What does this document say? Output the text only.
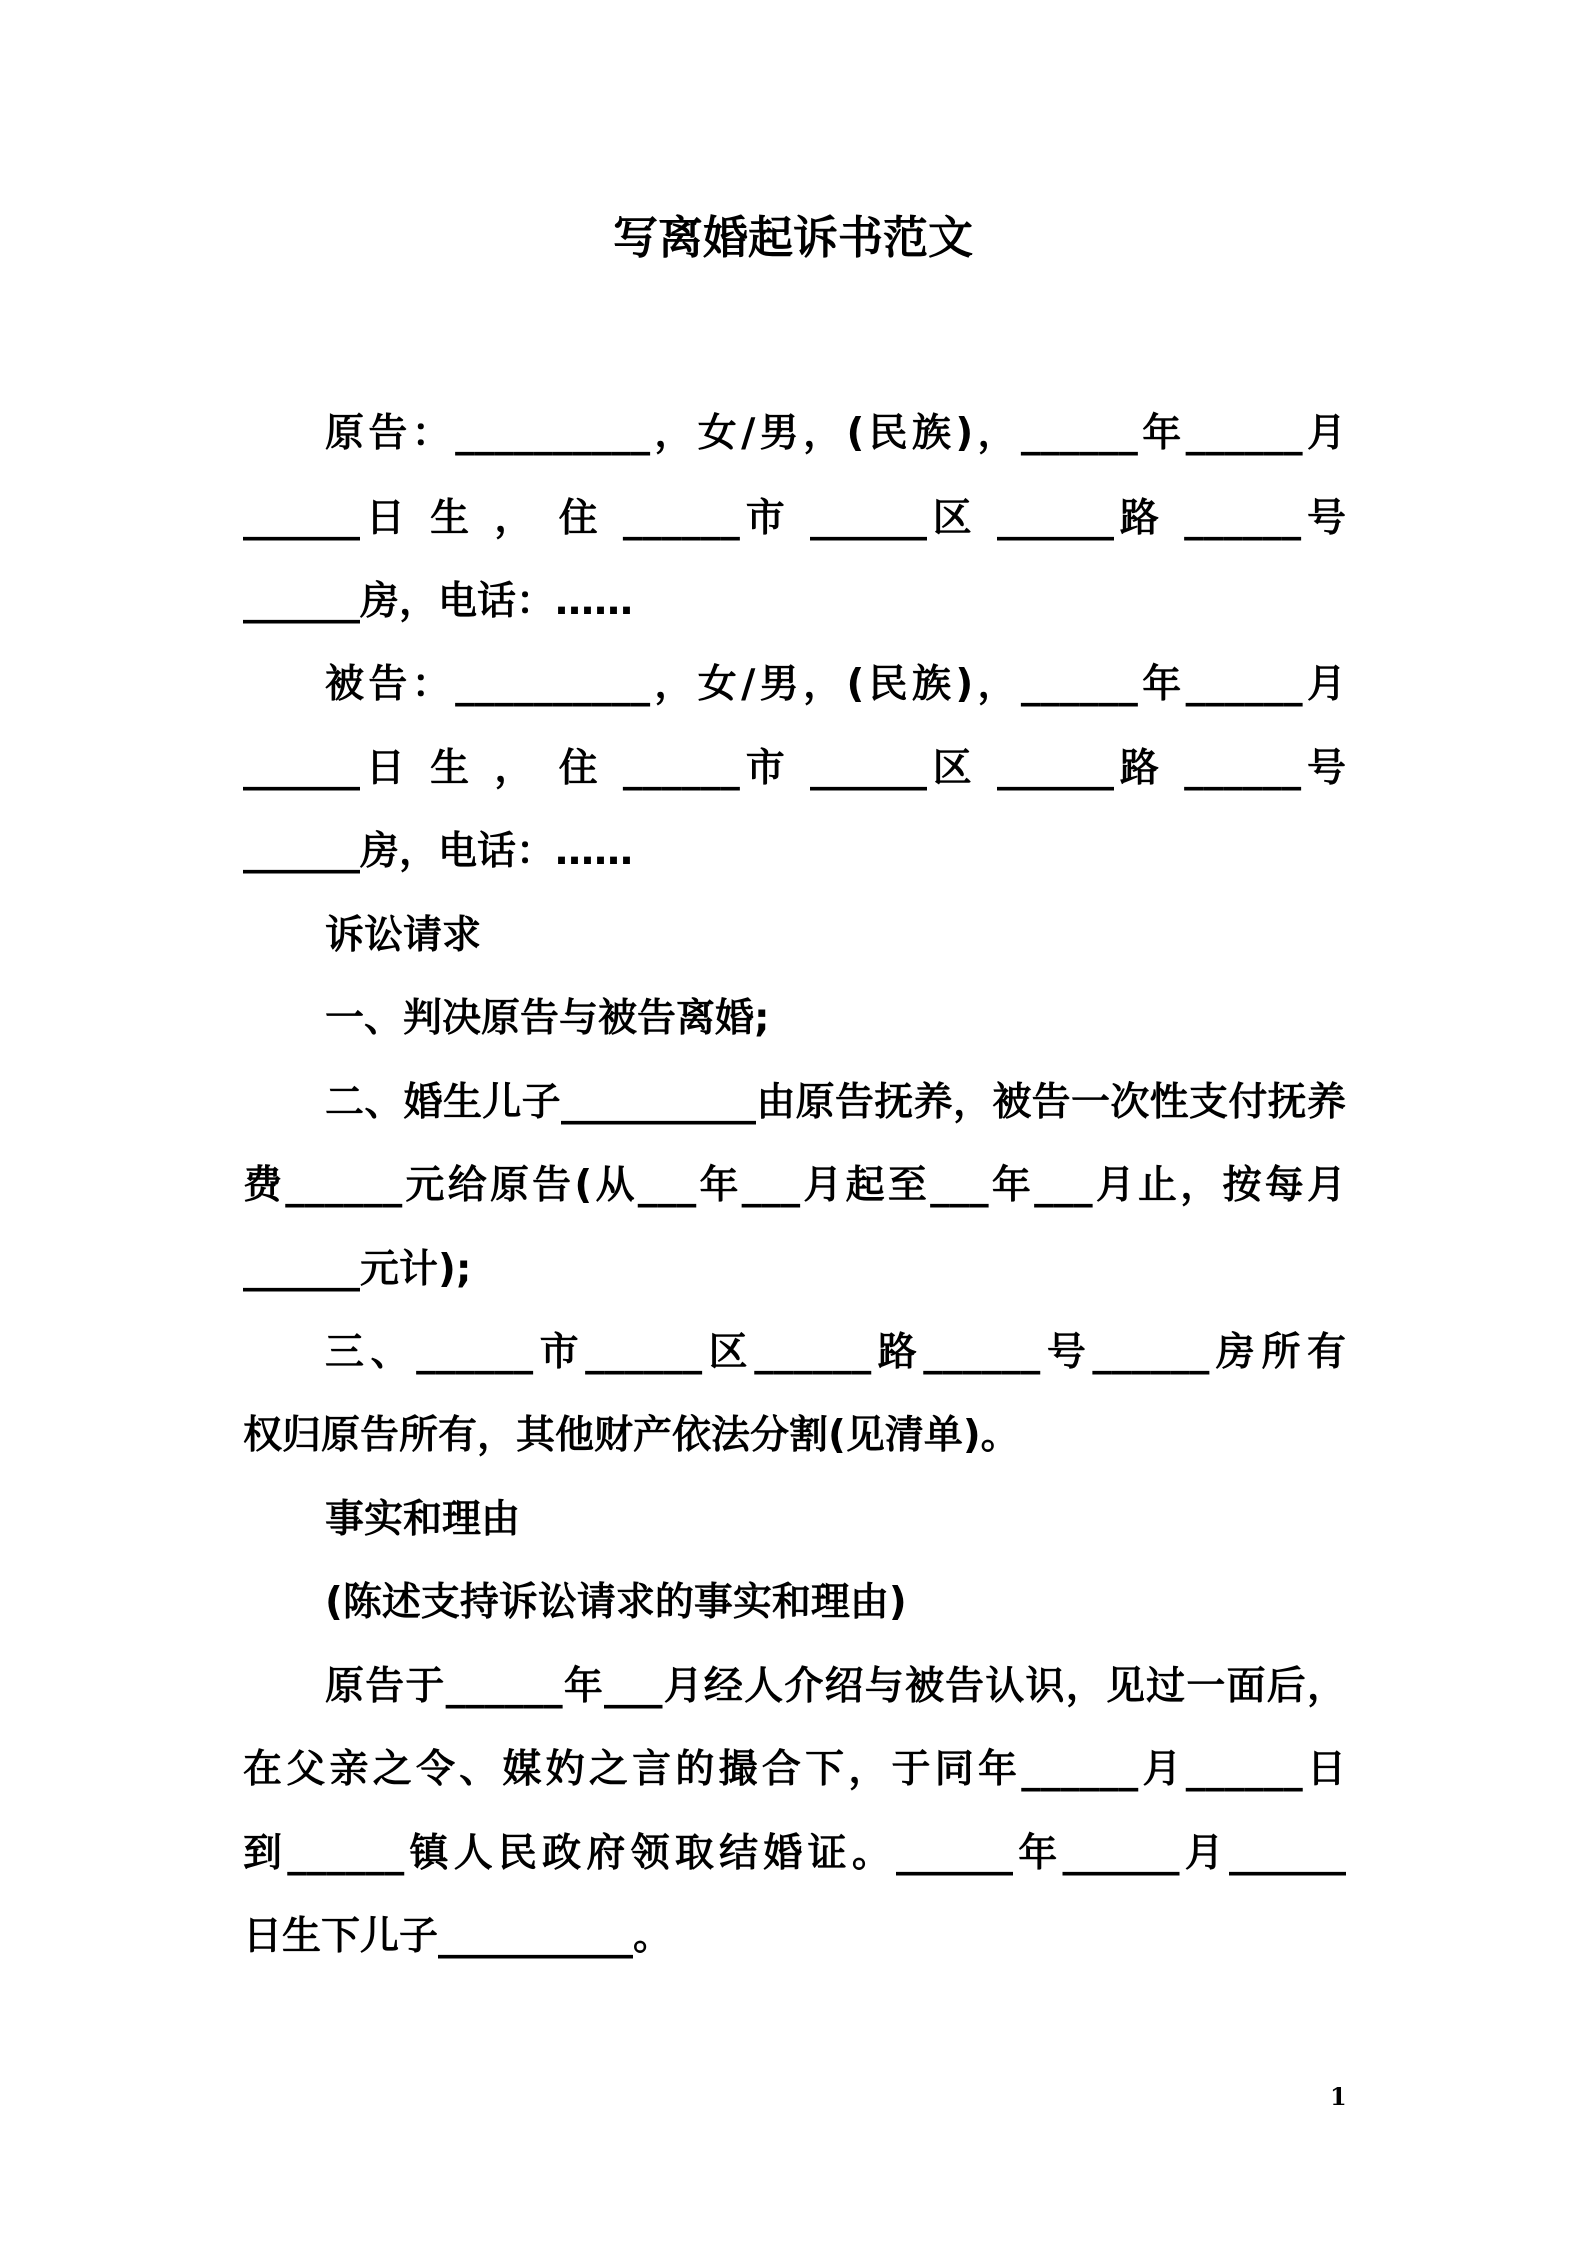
写离婚起诉书范文
原告：__________，女/男，(民族)，______年______月
______日 生 ， 住 ______市 ______区 ______路 ______号
______房，电话：……
被告：__________，女/男，(民族)，______年______月
______日 生 ， 住 ______市 ______区 ______路 ______号
______房，电话：……
诉讼请求
一、判决原告与被告离婚;
二、婚生儿子__________由原告抚养，被告一次性支付抚养
费______元给原告(从___年___月起至___年___月止，按每月
______元计);
三、______市______区______路______号______房所有
权归原告所有，其他财产依法分割(见清单)。
事实和理由
(陈述支持诉讼请求的事实和理由)
原告于______年___月经人介绍与被告认识，见过一面后，
在父亲之令、媒妁之言的撮合下，于同年______月______日
到______镇人民政府领取结婚证。______年______月______
日生下儿子__________。
1
